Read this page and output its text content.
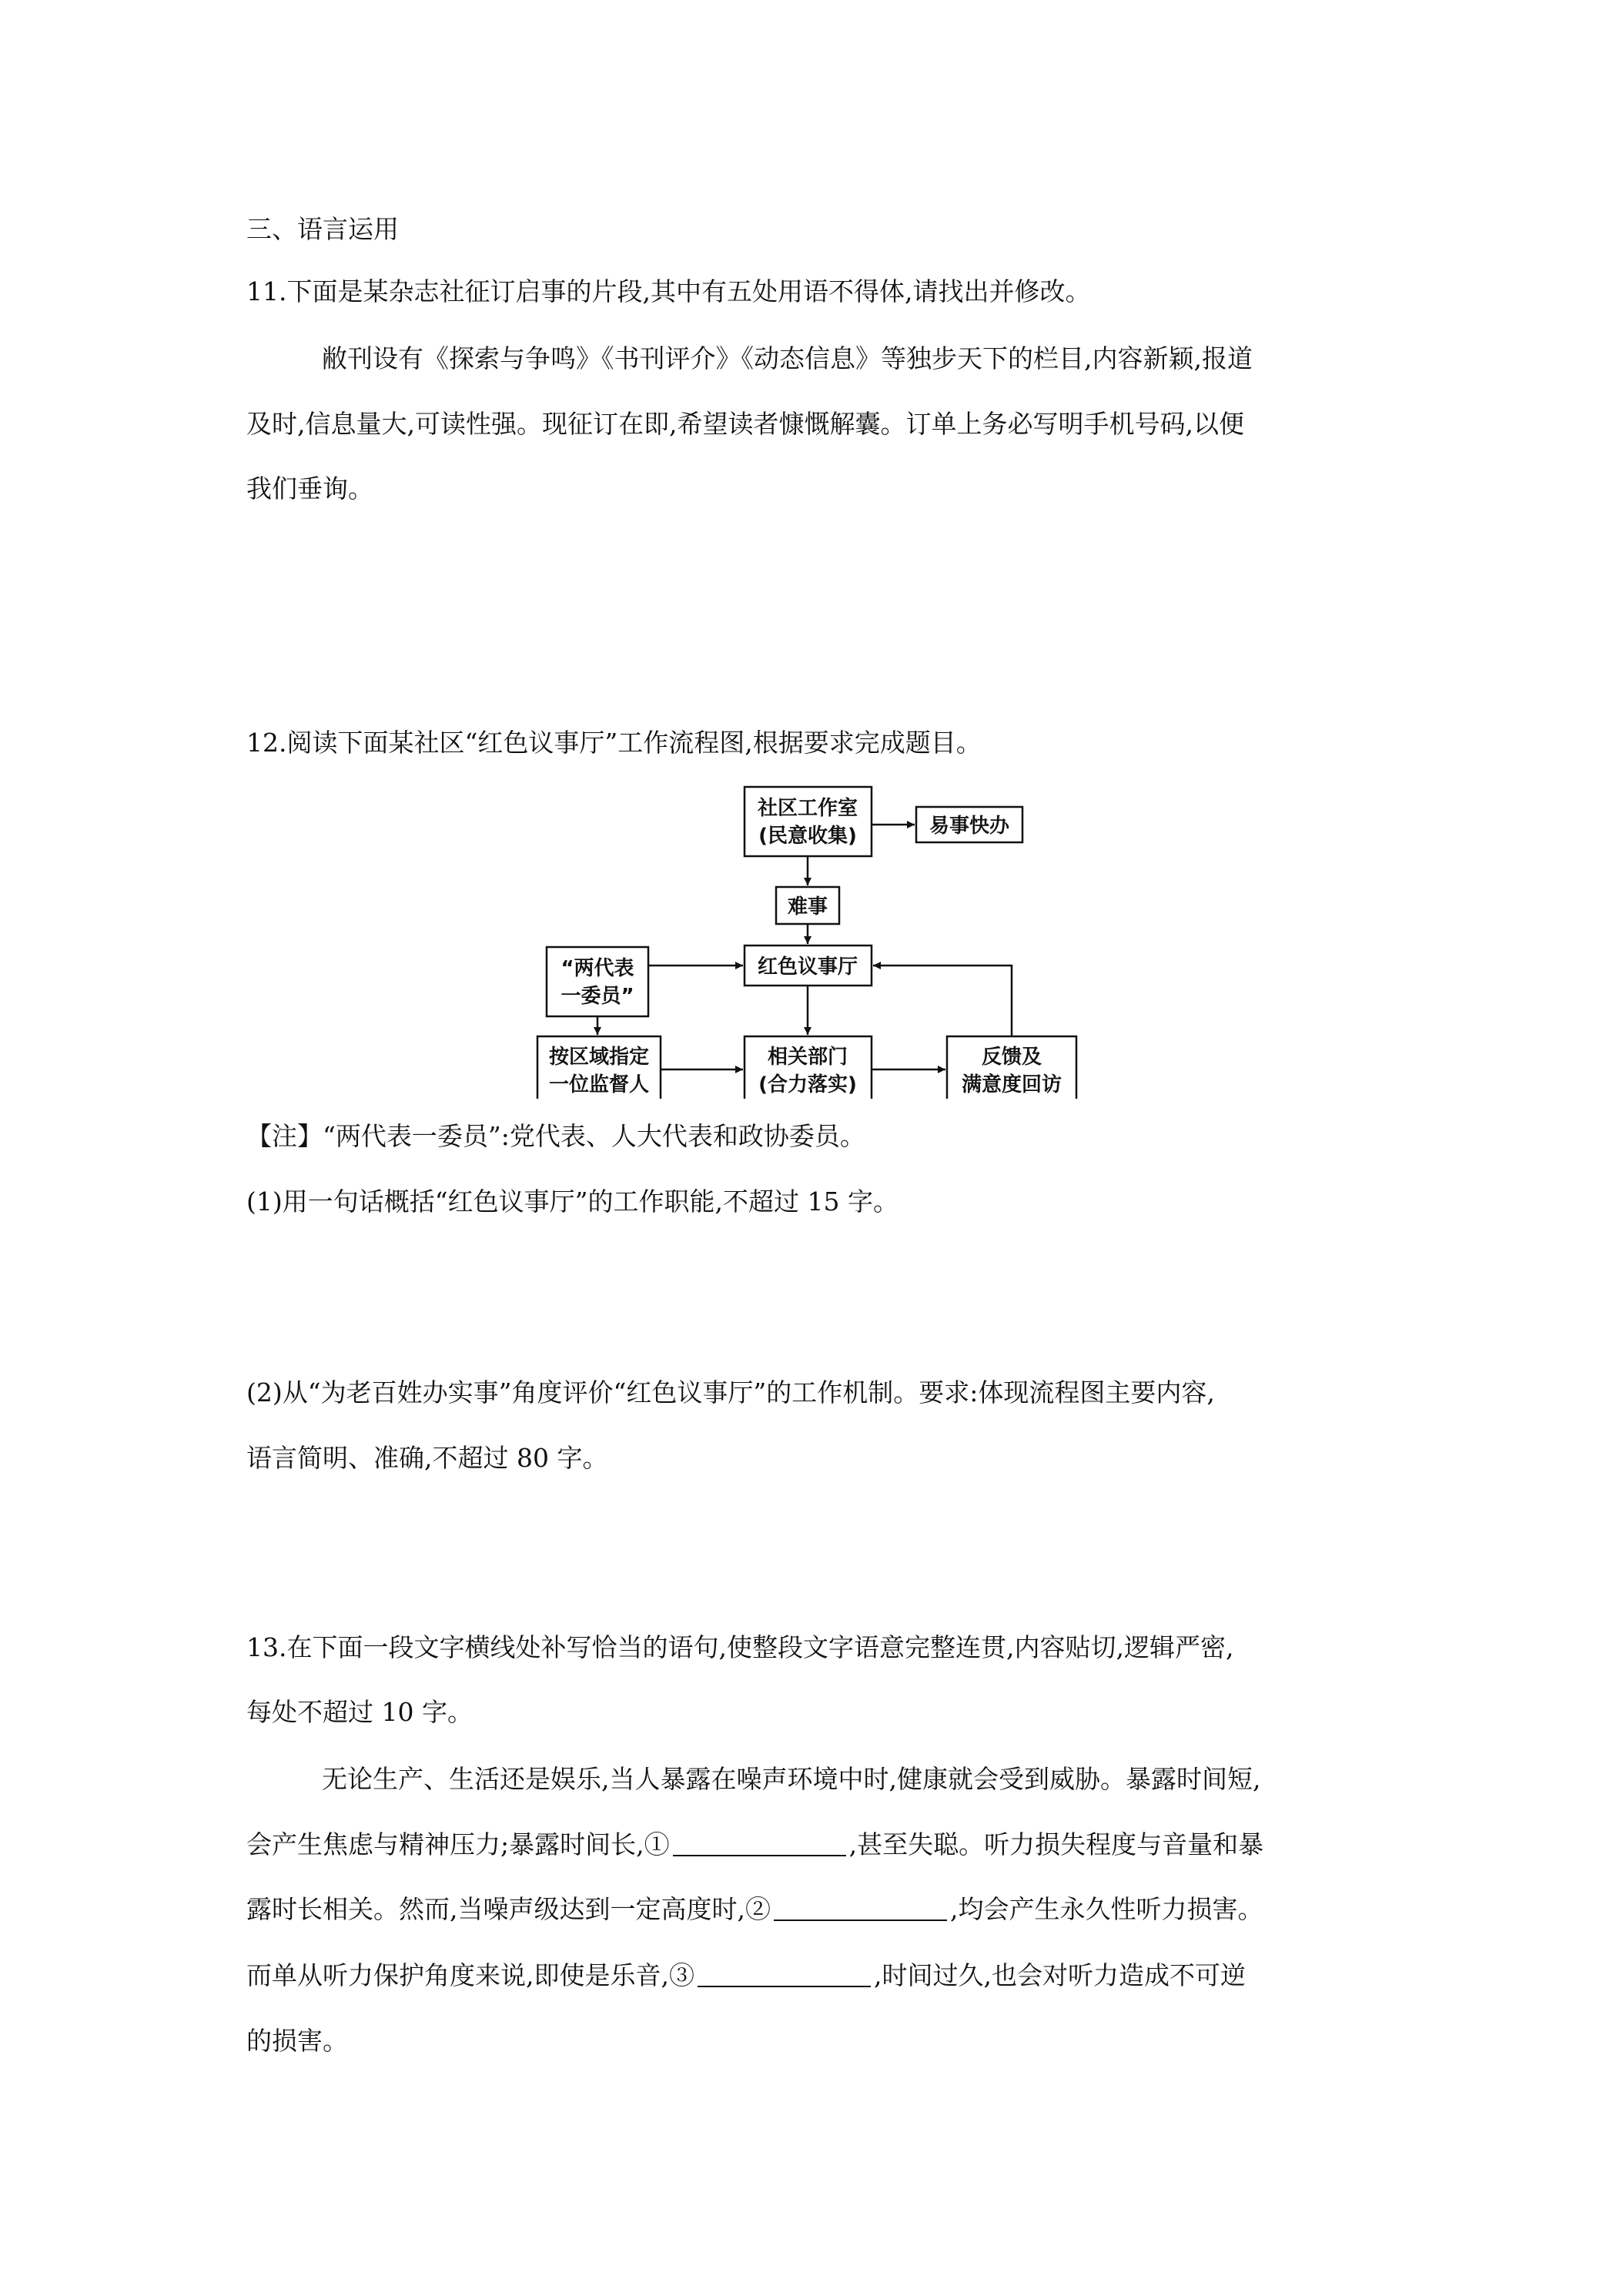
三、语言运用
11.下面是某杂志社征订启事的片段,其中有五处用语不得体,请找出并修改。
敝刊设有《探索与争鸣》《书刊评介》《动态信息》等独步天下的栏目,内容新颖,报道
及时,信息量大,可读性强。现征订在即,希望读者慷慨解囊。订单上务必写明手机号码,以便
我们垂询。
12.阅读下面某社区“红色议事厅”工作流程图,根据要求完成题目。
社区工作室
(民意收集)	易事快办
难事
红色议事厅
“两代表
一委员”
按区域指定
一位监督人
相关部门
(合力落实)
反馈及
满意度回访
【注】“两代表一委员”:党代表、人大代表和政协委员。
(1)用一句话概括“红色议事厅”的工作职能,不超过 15 字。
(2)从“为老百姓办实事”角度评价“红色议事厅”的工作机制。要求:体现流程图主要内容,
语言简明、准确,不超过 80 字。
13.在下面一段文字横线处补写恰当的语句,使整段文字语意完整连贯,内容贴切,逻辑严密,
每处不超过 10 字。
无论生产、生活还是娱乐,当人暴露在噪声环境中时,健康就会受到威胁。暴露时间短,
会产生焦虑与精神压力;暴露时间长,①	,甚至失聪。听力损失程度与音量和暴
露时长相关。然而,当噪声级达到一定高度时,②	,均会产生永久性听力损害。
而单从听力保护角度来说,即使是乐音,③	,时间过久,也会对听力造成不可逆
的损害。
